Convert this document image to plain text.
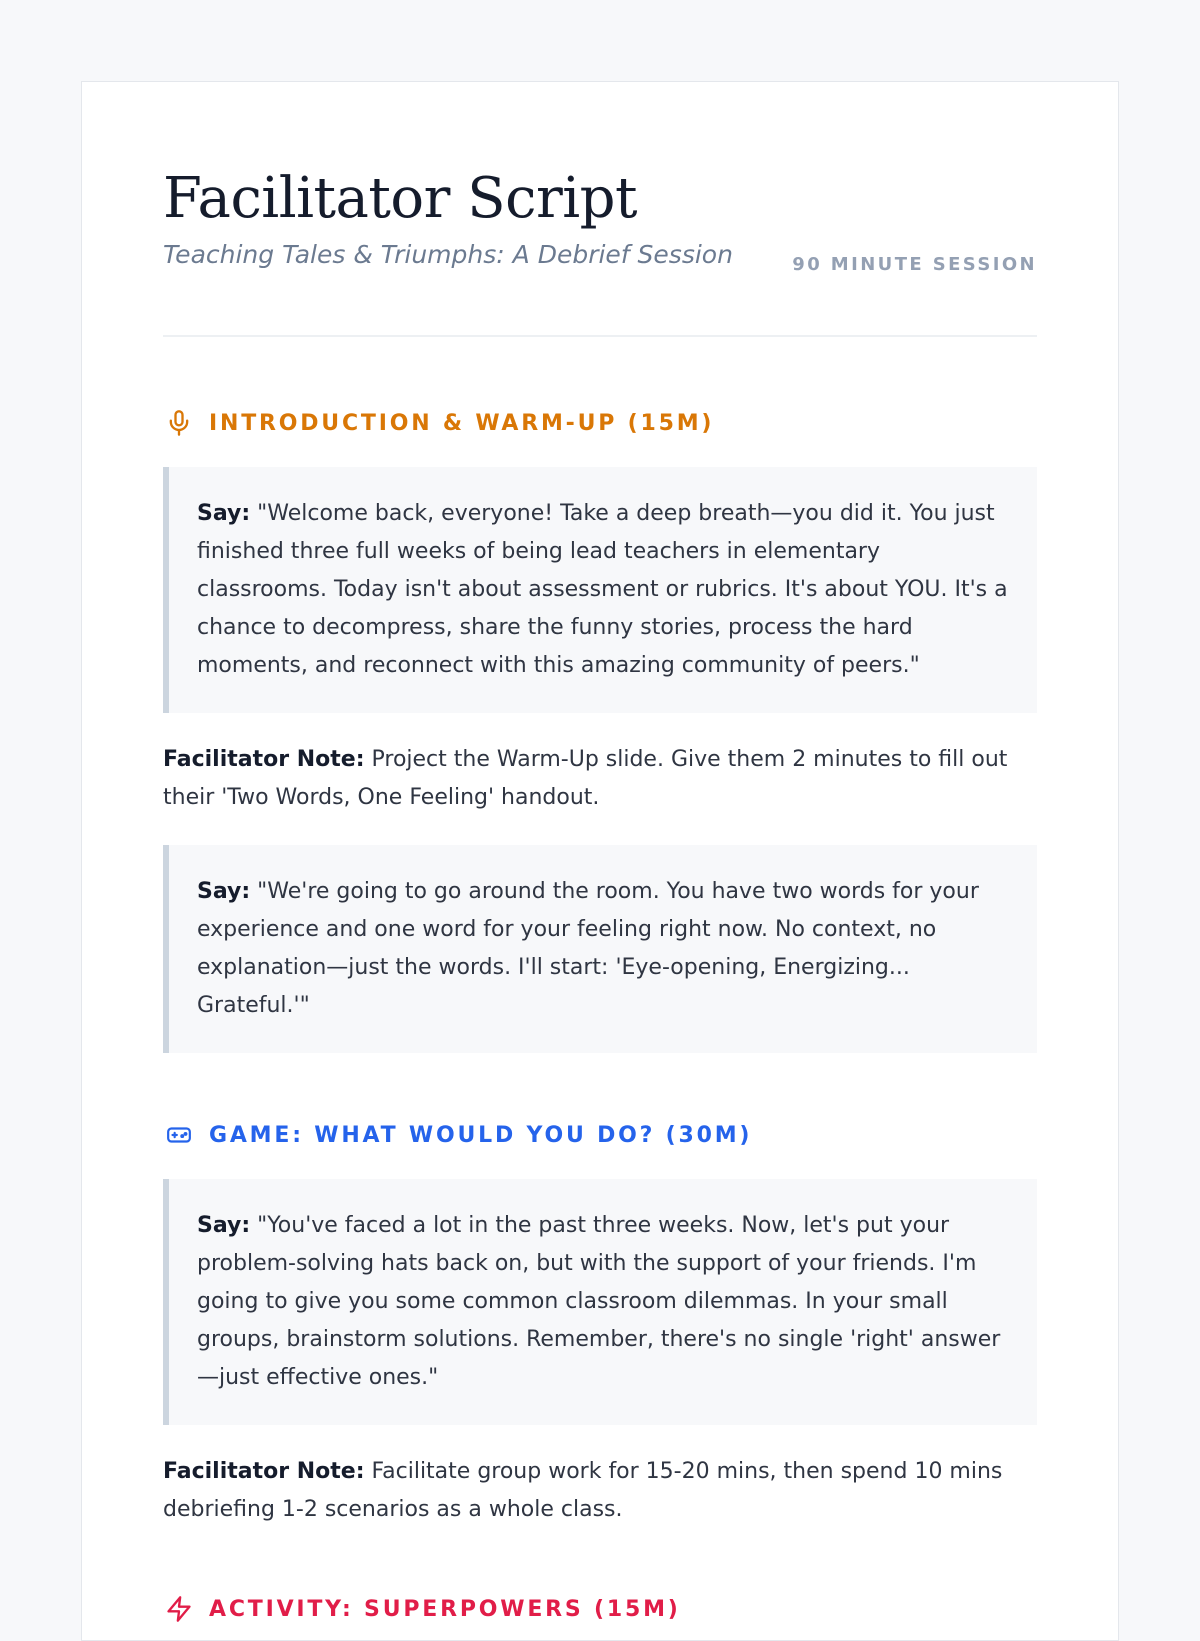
Facilitator Script
Teaching Tales & Triumphs: A Debrief Session	90 MINUTE SESSION
INTRODUCTION & WARM-UP (15M)
Say: "Welcome back, everyone! Take a deep breath—you did it. You just finished three full weeks of being lead teachers in elementary classrooms. Today isn't about assessment or rubrics. It's about YOU. It's a chance to decompress, share the funny stories, process the hard moments, and reconnect with this amazing community of peers."
Facilitator Note: Project the Warm-Up slide. Give them 2 minutes to fill out their 'Two Words, One Feeling' handout.
Say: "We're going to go around the room. You have two words for your experience and one word for your feeling right now. No context, no explanation—just the words. I'll start: 'Eye-opening, Energizing... Grateful.'"
GAME: WHAT WOULD YOU DO? (30M)
Say: "You've faced a lot in the past three weeks. Now, let's put your problem-solving hats back on, but with the support of your friends. I'm going to give you some common classroom dilemmas. In your small groups, brainstorm solutions. Remember, there's no single 'right' answer—just effective ones."
Facilitator Note: Facilitate group work for 15-20 mins, then spend 10 mins debriefing 1-2 scenarios as a whole class.
ACTIVITY: SUPERPOWERS (15M)
